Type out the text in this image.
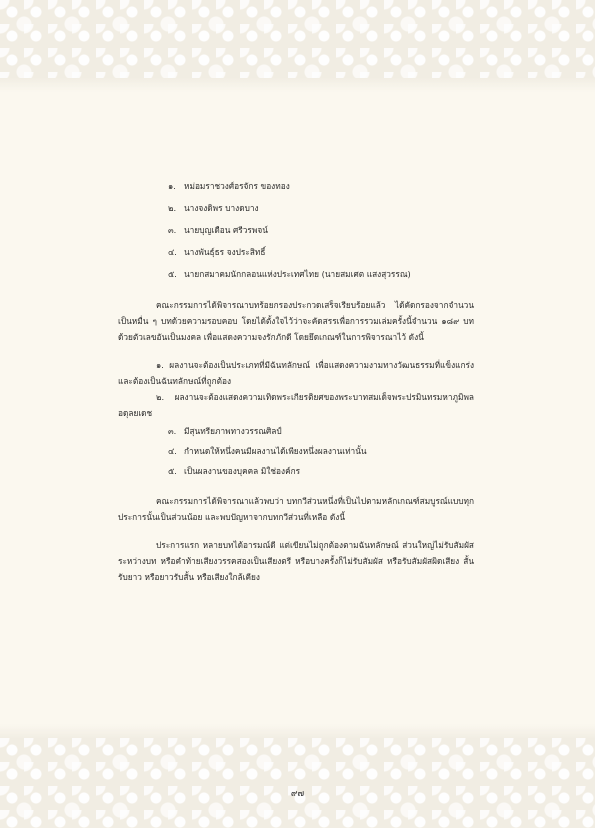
๑. หม่อมราชวงศ์อรจักร ของทอง
๒. นางจงดิพร บางดบาง
๓. นายบุญเดือน ศรีวรพจน์
๔. นางพันธุ์ธร จงประสิทธิ์
๕. นายกสมาคมนักกลอนแห่งประเทศไทย (นายสมเศต แสงสุวรรณ)

คณะกรรมการได้พิจารณาบทร้อยกรองประกวดเสร็จเรียบร้อยแล้ว ได้คัดกรองจากจำนวนเป็นหมื่น ๆ บทด้วยความรอบคอบ โดยได้ตั้งใจไว้ว่าจะคัดสรรเพื่อการรวมเล่มครั้งนี้จำนวน ๑๘๙ บท ด้วยตัวเลขอันเป็นมงคล เพื่อแสดงความจงรักภักดี โดยยึดเกณฑ์ในการพิจารณาไว้ ดังนี้

๑. ผลงานจะต้องเป็นประเภทที่มีฉันทลักษณ์ เพื่อแสดงความงามทางวัฒนธรรมที่แข็งแกร่ง และต้องเป็นฉันทลักษณ์ที่ถูกต้อง

๒. ผลงานจะต้องแสดงความเทิดพระเกียรติยศของพระบาทสมเด็จพระปรมินทรมหาภูมิพลอดุลยเดช

๓. มีสุนทรียภาพทางวรรณศิลป์
๔. กำหนดให้หนึ่งคนมีผลงานได้เพียงหนึ่งผลงานเท่านั้น
๕. เป็นผลงานของบุคคล มิใช่องค์กร

คณะกรรมการได้พิจารณาแล้วพบว่า บทกวีส่วนหนึ่งที่เป็นไปตามหลักเกณฑ์สมบูรณ์แบบทุกประการนั้นเป็นส่วนน้อย และพบปัญหาจากบทกวีส่วนที่เหลือ ดังนี้

ประการแรก หลายบทได้อารมณ์ดี แต่เขียนไม่ถูกต้องตามฉันทลักษณ์ ส่วนใหญ่ไม่รับสัมผัสระหว่างบท หรือคำท้ายเสียงวรรคสองเป็นเสียงตรี หรือบางครั้งก็ไม่รับสัมผัส หรือรับสัมผัสผิดเสียง สั้นรับยาว หรือยาวรับสั้น หรือเสียงใกล้เคียง

๙๗
